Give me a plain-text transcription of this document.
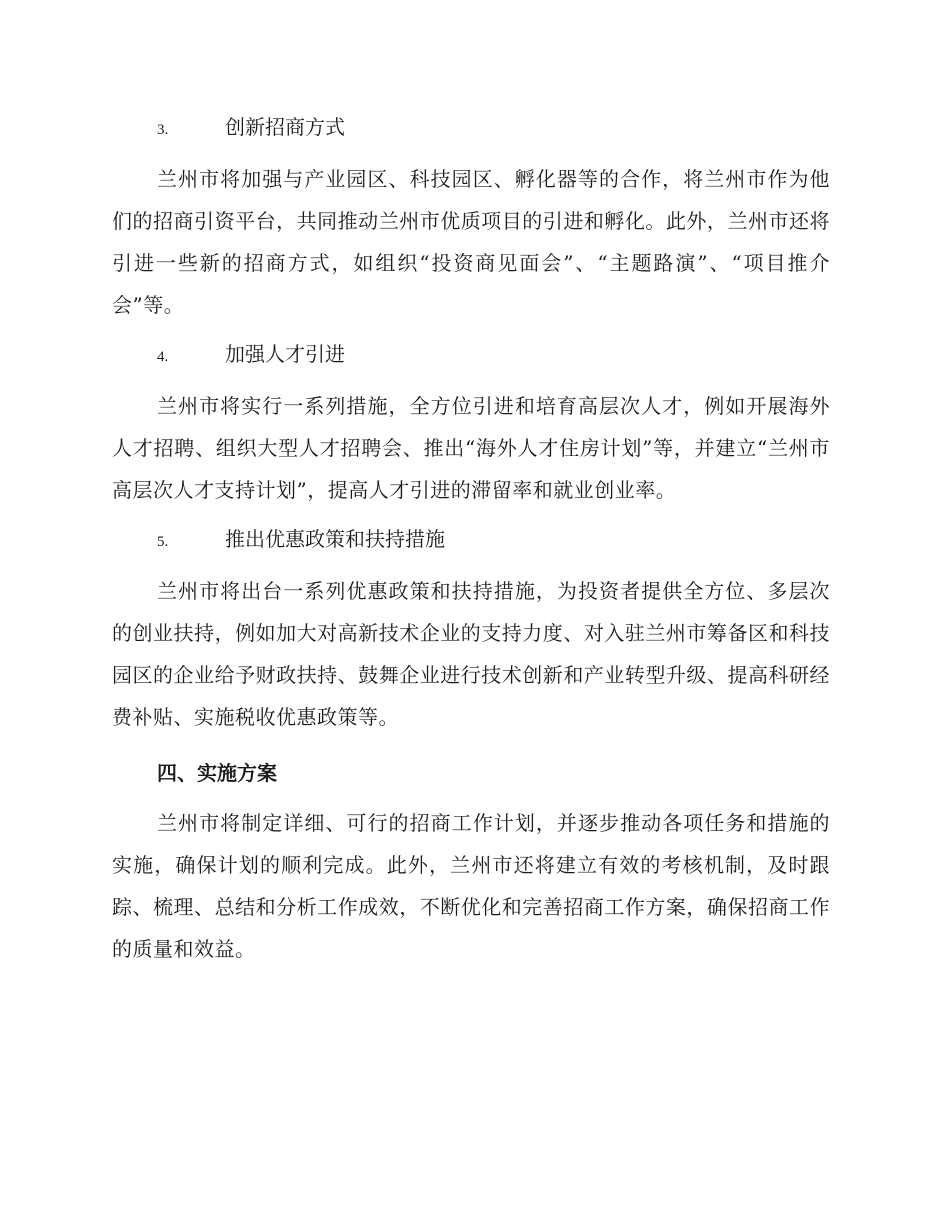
3.	创新招商方式

兰州市将加强与产业园区、科技园区、孵化器等的合作，将兰州市作为他们的招商引资平台，共同推动兰州市优质项目的引进和孵化。此外，兰州市还将引进一些新的招商方式，如组织“投资商见面会”、“主题路演”、“项目推介会”等。

4.	加强人才引进

兰州市将实行一系列措施，全方位引进和培育高层次人才，例如开展海外人才招聘、组织大型人才招聘会、推出“海外人才住房计划”等，并建立“兰州市高层次人才支持计划”，提高人才引进的滞留率和就业创业率。

5.	推出优惠政策和扶持措施

兰州市将出台一系列优惠政策和扶持措施，为投资者提供全方位、多层次的创业扶持，例如加大对高新技术企业的支持力度、对入驻兰州市筹备区和科技园区的企业给予财政扶持、鼓舞企业进行技术创新和产业转型升级、提高科研经费补贴、实施税收优惠政策等。

四、实施方案

兰州市将制定详细、可行的招商工作计划，并逐步推动各项任务和措施的实施，确保计划的顺利完成。此外，兰州市还将建立有效的考核机制，及时跟踪、梳理、总结和分析工作成效，不断优化和完善招商工作方案，确保招商工作的质量和效益。
